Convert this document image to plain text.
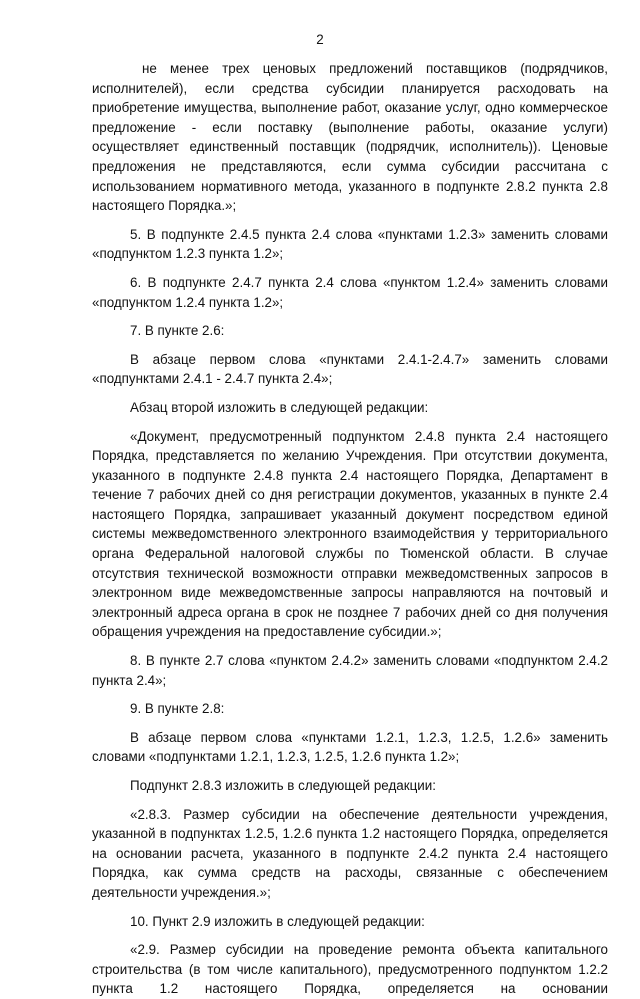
2

не менее трех ценовых предложений поставщиков (подрядчиков, исполнителей), если средства субсидии планируется расходовать на приобретение имущества, выполнение работ, оказание услуг, одно коммерческое предложение - если поставку (выполнение работы, оказание услуги) осуществляет единственный поставщик (подрядчик, исполнитель)). Ценовые предложения не представляются, если сумма субсидии рассчитана с использованием нормативного метода, указанного в подпункте 2.8.2 пункта 2.8 настоящего Порядка.»;

5. В подпункте 2.4.5 пункта 2.4 слова «пунктами 1.2.3» заменить словами «подпунктом 1.2.3 пункта 1.2»;

6. В подпункте 2.4.7 пункта 2.4 слова «пунктом 1.2.4» заменить словами «подпунктом 1.2.4 пункта 1.2»;

7. В пункте 2.6:

В абзаце первом слова «пунктами 2.4.1-2.4.7» заменить словами «подпунктами 2.4.1 - 2.4.7 пункта 2.4»;

Абзац второй изложить в следующей редакции:

«Документ, предусмотренный подпунктом 2.4.8 пункта 2.4 настоящего Порядка, представляется по желанию Учреждения. При отсутствии документа, указанного в подпункте 2.4.8 пункта 2.4 настоящего Порядка, Департамент в течение 7 рабочих дней со дня регистрации документов, указанных в пункте 2.4 настоящего Порядка, запрашивает указанный документ посредством единой системы межведомственного электронного взаимодействия у территориального органа Федеральной налоговой службы по Тюменской области. В случае отсутствия технической возможности отправки межведомственных запросов в электронном виде межведомственные запросы направляются на почтовый и электронный адреса органа в срок не позднее 7 рабочих дней со дня получения обращения учреждения на предоставление субсидии.»;

8. В пункте 2.7 слова «пунктом 2.4.2» заменить словами «подпунктом 2.4.2 пункта 2.4»;

9. В пункте 2.8:

В абзаце первом слова «пунктами 1.2.1, 1.2.3, 1.2.5, 1.2.6» заменить словами «подпунктами 1.2.1, 1.2.3, 1.2.5, 1.2.6 пункта 1.2»;

Подпункт 2.8.3 изложить в следующей редакции:

«2.8.3. Размер субсидии на обеспечение деятельности учреждения, указанной в подпунктах 1.2.5, 1.2.6 пункта 1.2 настоящего Порядка, определяется на основании расчета, указанного в подпункте 2.4.2 пункта 2.4 настоящего Порядка, как сумма средств на расходы, связанные с обеспечением деятельности учреждения.»;

10. Пункт 2.9 изложить в следующей редакции:

«2.9. Размер субсидии на проведение ремонта объекта капитального строительства (в том числе капитального), предусмотренного подпунктом 1.2.2 пункта 1.2 настоящего Порядка, определяется на основании
